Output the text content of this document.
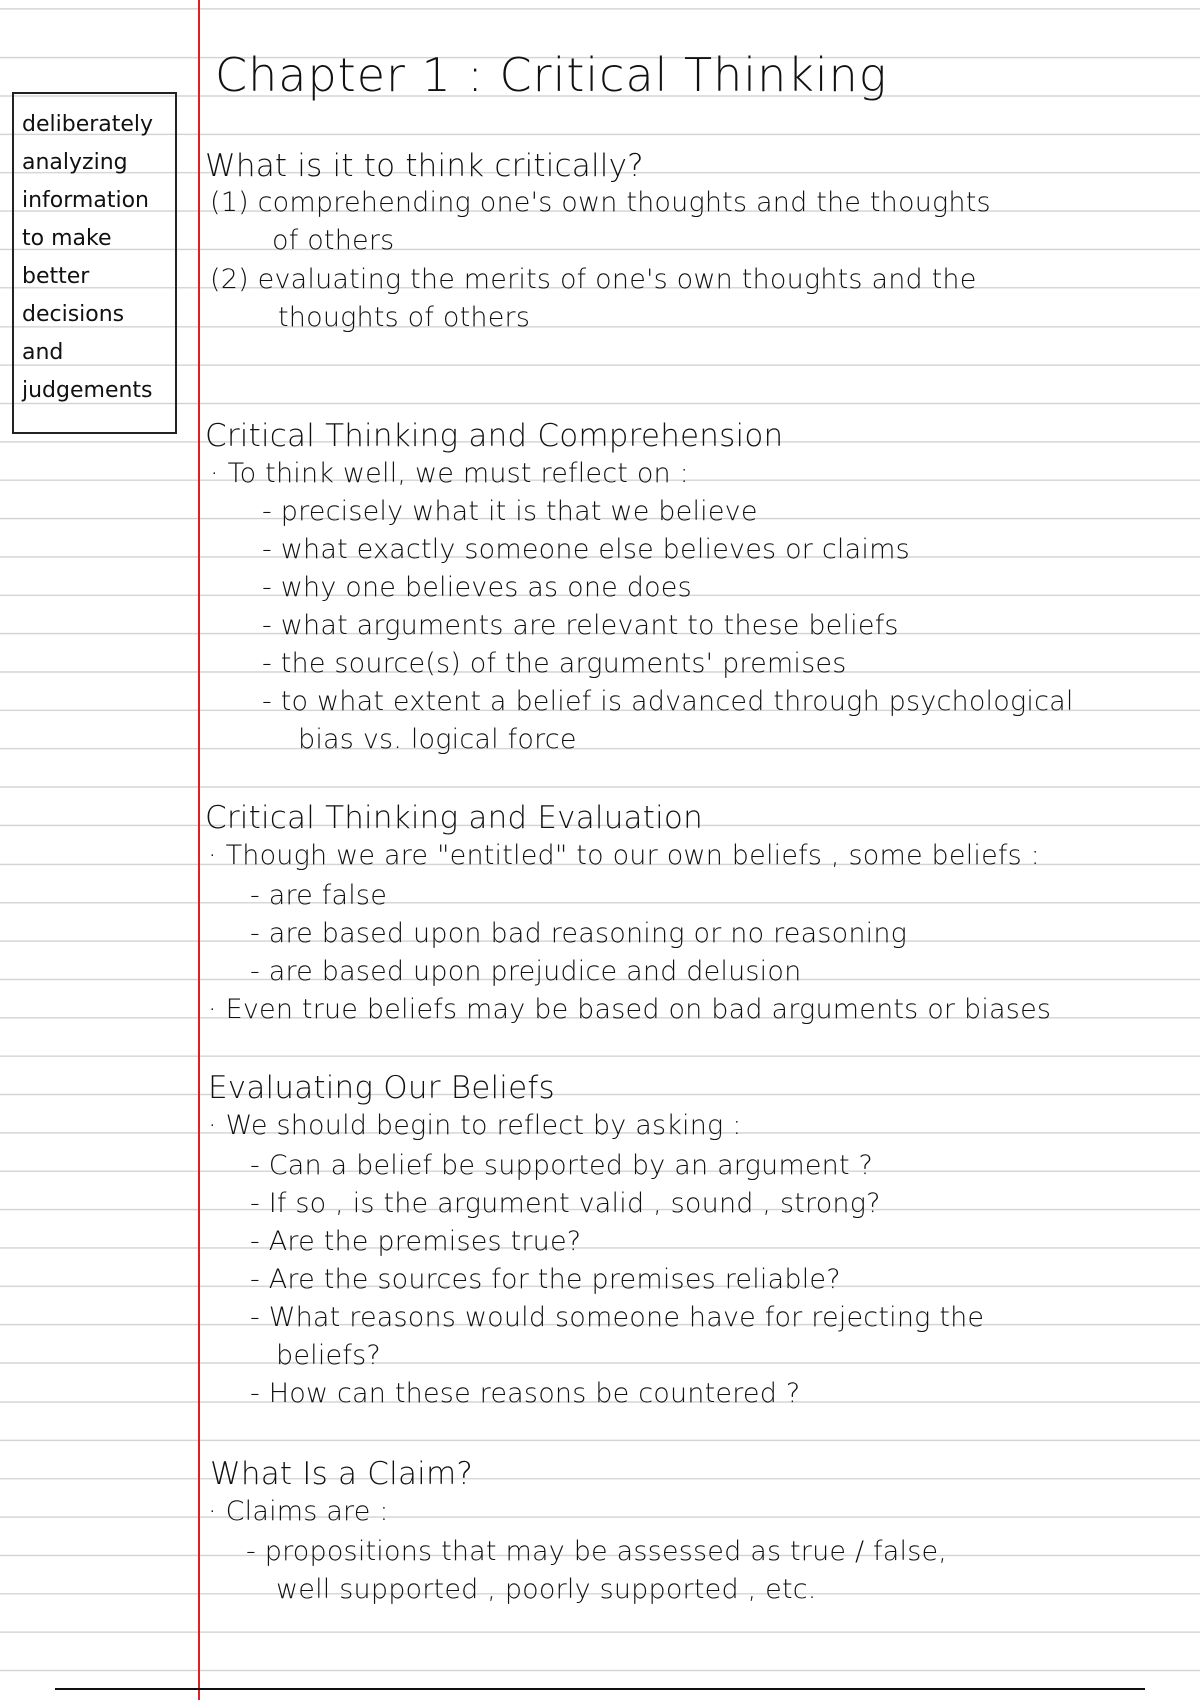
Chapter 1 : Critical Thinking
deliberately
analyzing
information
to make
better
decisions
and
judgements
What is it to think critically?
(1) comprehending one's own thoughts and the thoughts
of others
(2) evaluating the merits of one's own thoughts and the
thoughts of others
Critical Thinking and Comprehension
· To think well, we must reflect on :
- precisely what it is that we believe
- what exactly someone else believes or claims
- why one believes as one does
- what arguments are relevant to these beliefs
- the source(s) of the arguments' premises
- to what extent a belief is advanced through psychological
bias vs. logical force
Critical Thinking and Evaluation
· Though we are "entitled" to our own beliefs , some beliefs :
- are false
- are based upon bad reasoning or no reasoning
- are based upon prejudice and delusion
· Even true beliefs may be based on bad arguments or biases
Evaluating Our Beliefs
· We should begin to reflect by asking :
- Can a belief be supported by an argument ?
- If so , is the argument valid , sound , strong?
- Are the premises true?
- Are the sources for the premises reliable?
- What reasons would someone have for rejecting the
beliefs?
- How can these reasons be countered ?
What Is a Claim?
· Claims are :
- propositions that may be assessed as true / false,
well supported , poorly supported , etc.
